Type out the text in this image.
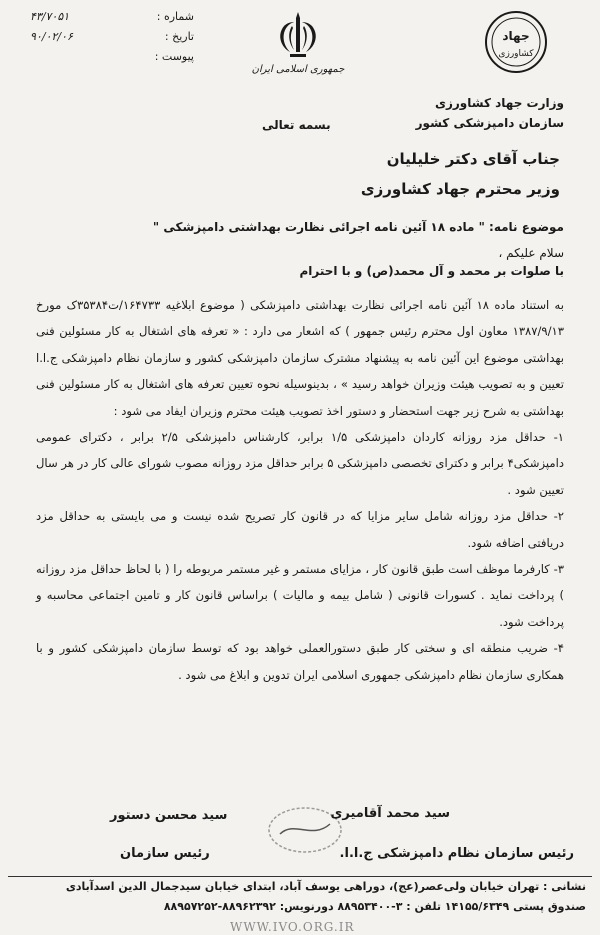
شماره :
۴۳/۷۰۵۱
تاریخ :
۹۰/۰۲/۰۶
پیوست :
جمهوری اسلامی ایران
جهاد
کشاورزی
وزارت جهاد کشاورزی
سازمان دامپزشکی کشور
بسمه تعالی
جناب آقای دکتر خلیلیان
وزیر محترم جهاد کشاورزی
موضوع نامه: " ماده ۱۸ آئین نامه اجرائی نظارت بهداشتی دامپزشکی "
سلام علیکم ،
با صلوات بر محمد و آل محمد(ص) و با احترام

به استناد ماده ۱۸ آئین نامه اجرائی نظارت بهداشتی دامپزشکی ( موضوع ابلاغیه ۱۶۴۷۳۳/ت۳۵۳۸۴ک مورخ ۱۳۸۷/۹/۱۳ معاون اول محترم رئیس جمهور ) که اشعار می دارد : « تعرفه های اشتغال به کار مسئولین فنی بهداشتی موضوع این آئین نامه به پیشنهاد مشترک سازمان دامپزشکی کشور و سازمان نظام دامپزشکی ج.ا.ا تعیین و به تصویب هیئت وزیران خواهد رسید » ، بدینوسیله نحوه تعیین تعرفه های اشتغال به کار مسئولین فنی بهداشتی به شرح زیر جهت استحضار و دستور اخذ تصویب هیئت محترم وزیران ایفاد می شود :

۱- حداقل مزد روزانه کاردان دامپزشکی ۱/۵ برابر، کارشناس دامپزشکی ۲/۵ برابر ، دکترای عمومی دامپزشکی۴ برابر و دکترای تخصصی دامپزشکی ۵ برابر حداقل مزد روزانه مصوب شورای عالی کار در هر سال تعیین شود .

۲- حداقل مزد روزانه شامل سایر مزایا که در قانون کار تصریح شده نیست و می بایستی به حداقل مزد دریافتی اضافه شود.

۳- کارفرما موظف است طبق قانون کار ، مزایای مستمر و غیر مستمر مربوطه را ( با لحاظ حداقل مزد روزانه ) پرداخت نماید . کسورات قانونی ( شامل بیمه و مالیات ) براساس قانون کار و تامین اجتماعی محاسبه و پرداخت شود.

۴- ضریب منطقه ای و سختی کار طبق دستورالعملی خواهد بود که توسط سازمان دامپزشکی کشور و با همکاری سازمان نظام دامپزشکی جمهوری اسلامی ایران تدوین و ابلاغ می شود .

سید محمد آقامیری
رئیس سازمان نظام دامپزشکی ج.ا.ا.
سید محسن دستور
رئیس سازمان
نشانی : تهران خیابان ولی‌عصر(عج)، دوراهی یوسف آباد، ابتدای خیابان سیدجمال الدین اسدآبادی
صندوق پستی ۱۴۱۵۵/۶۳۴۹ تلفن : ۳-۸۸۹۵۳۴۰۰ دورنویس: ۸۸۹۶۲۳۹۲-۸۸۹۵۷۲۵۲
WWW.IVO.ORG.IR
